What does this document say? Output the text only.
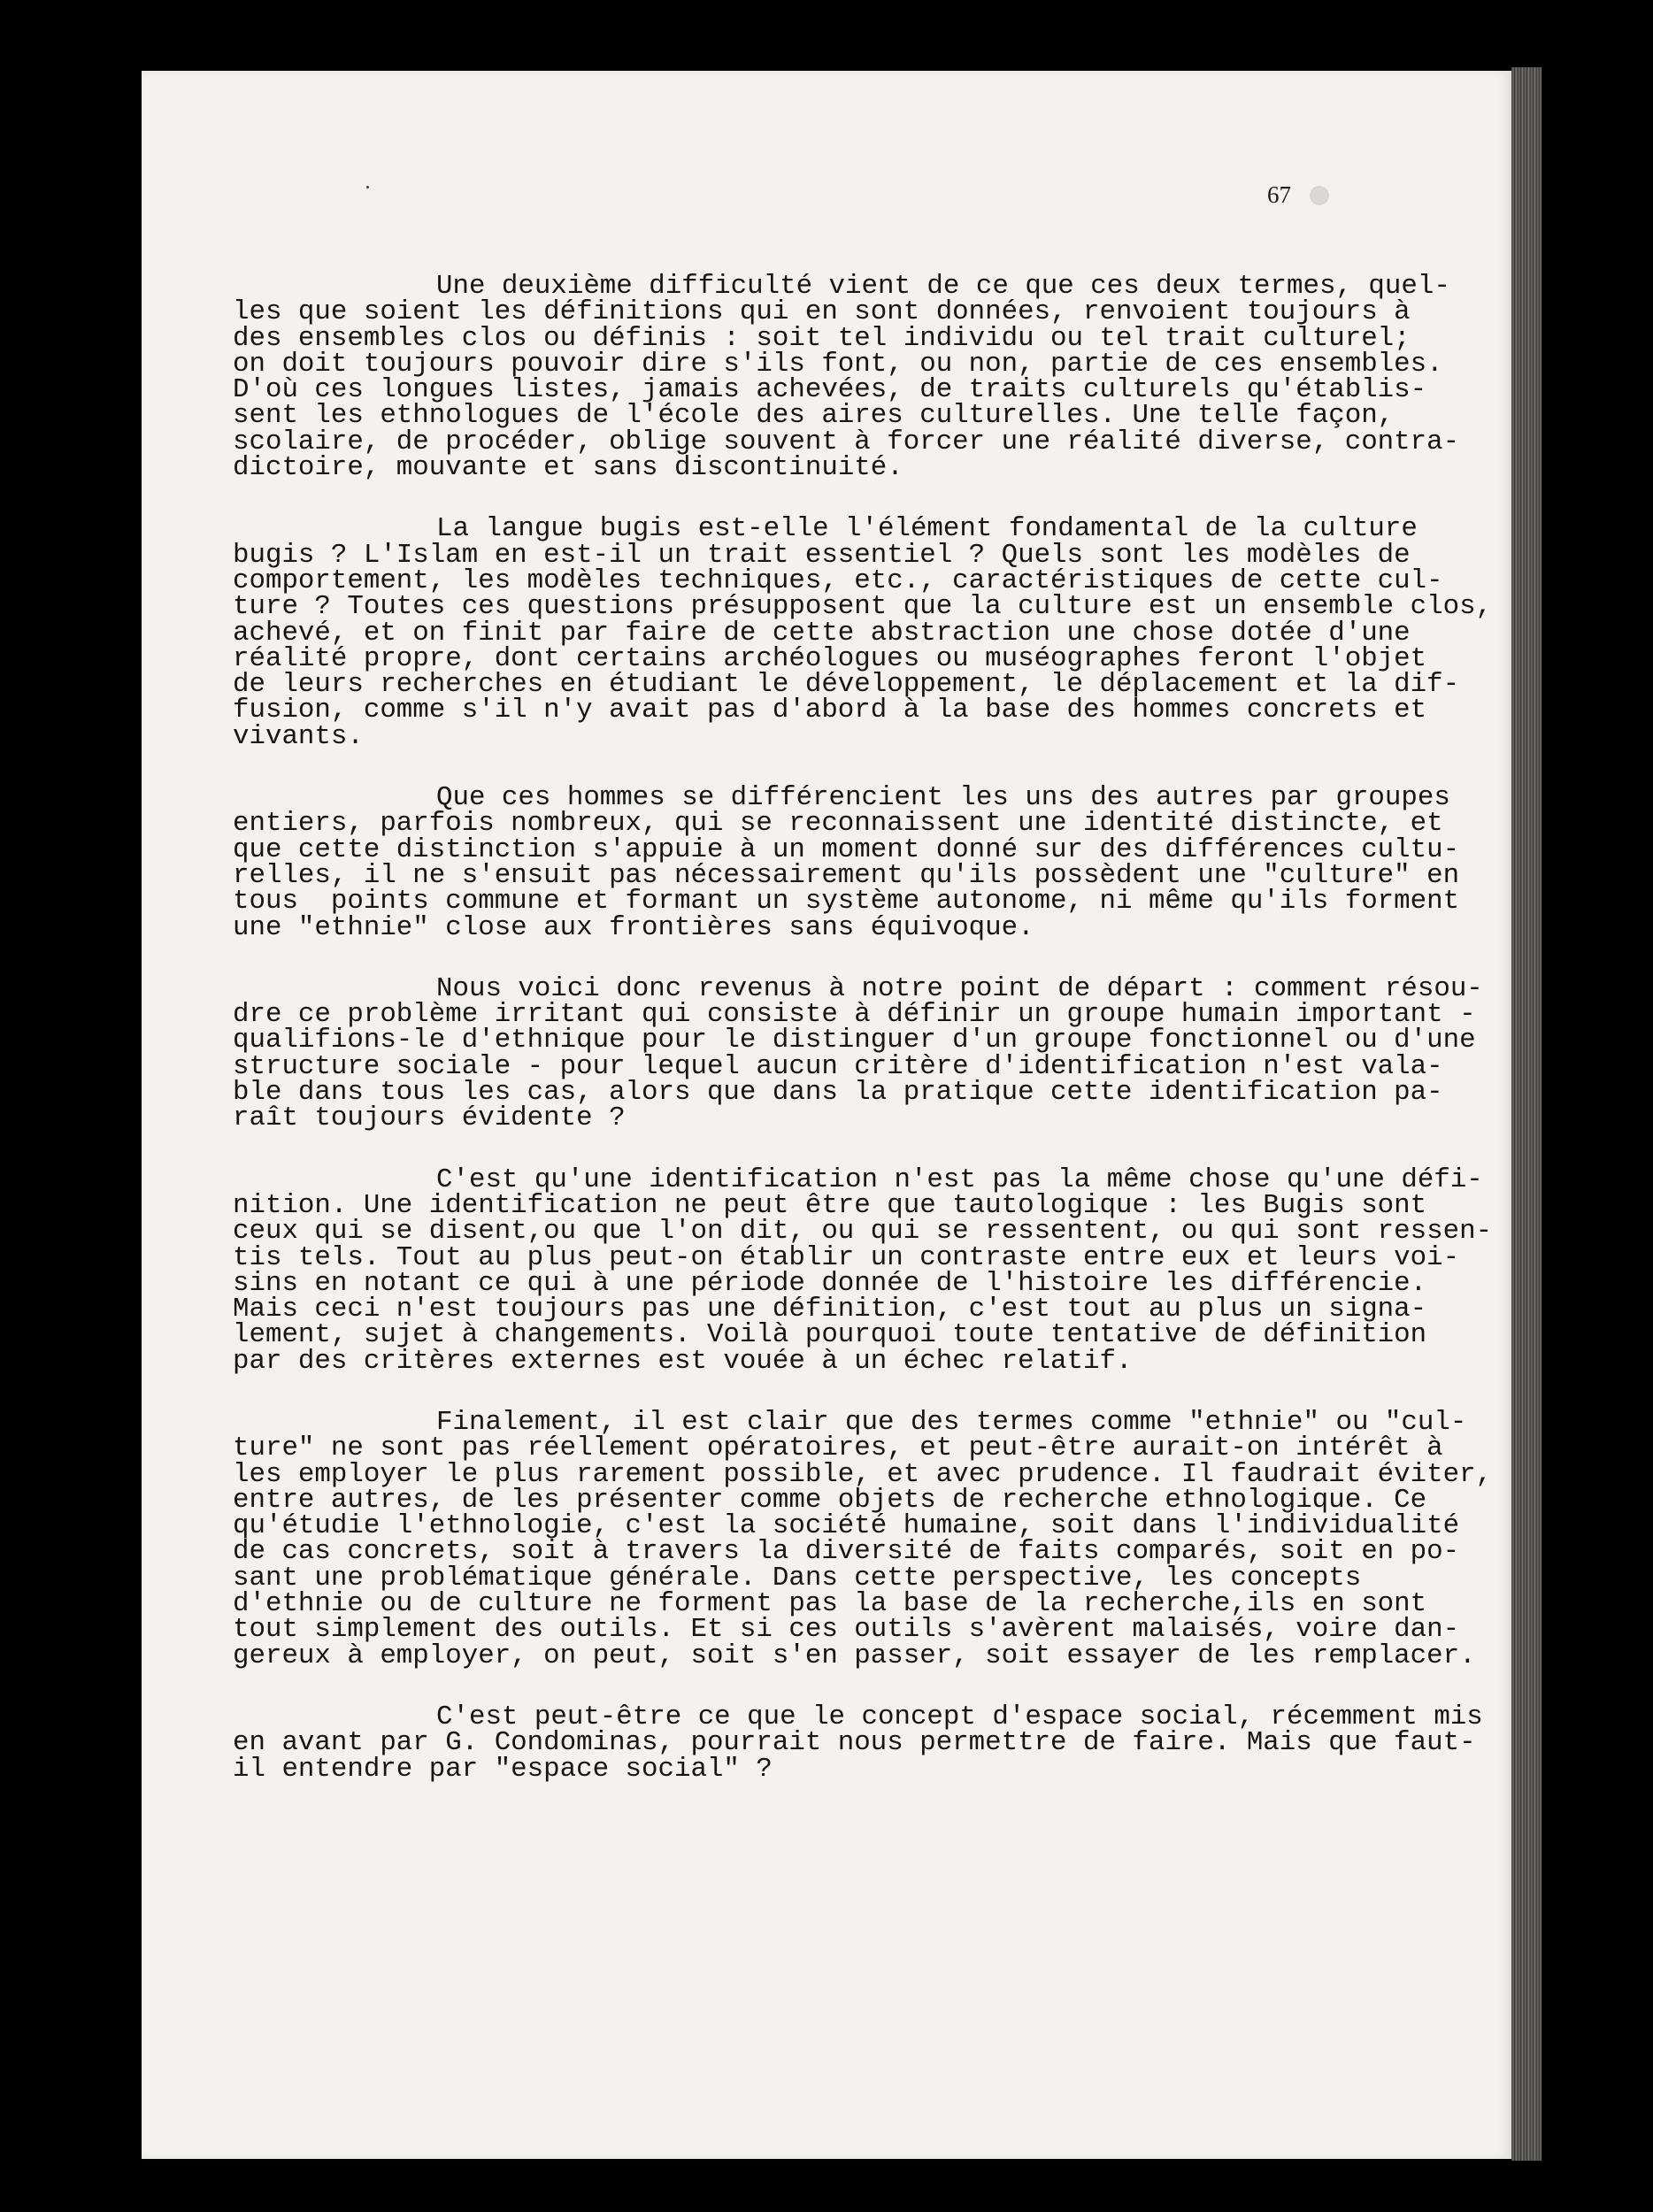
67
Une deuxième difficulté vient de ce que ces deux termes, quel-
les que soient les définitions qui en sont données, renvoient toujours à
des ensembles clos ou définis : soit tel individu ou tel trait culturel;
on doit toujours pouvoir dire s'ils font, ou non, partie de ces ensembles.
D'où ces longues listes, jamais achevées, de traits culturels qu'établis-
sent les ethnologues de l'école des aires culturelles. Une telle façon,
scolaire, de procéder, oblige souvent à forcer une réalité diverse, contra-
dictoire, mouvante et sans discontinuité.
La langue bugis est-elle l'élément fondamental de la culture
bugis ? L'Islam en est-il un trait essentiel ? Quels sont les modèles de
comportement, les modèles techniques, etc., caractéristiques de cette cul-
ture ? Toutes ces questions présupposent que la culture est un ensemble clos,
achevé, et on finit par faire de cette abstraction une chose dotée d'une
réalité propre, dont certains archéologues ou muséographes feront l'objet
de leurs recherches en étudiant le développement, le déplacement et la dif-
fusion, comme s'il n'y avait pas d'abord à la base des hommes concrets et
vivants.
Que ces hommes se différencient les uns des autres par groupes
entiers, parfois nombreux, qui se reconnaissent une identité distincte, et
que cette distinction s'appuie à un moment donné sur des différences cultu-
relles, il ne s'ensuit pas nécessairement qu'ils possèdent une "culture" en
tous  points commune et formant un système autonome, ni même qu'ils forment
une "ethnie" close aux frontières sans équivoque.
Nous voici donc revenus à notre point de départ : comment résou-
dre ce problème irritant qui consiste à définir un groupe humain important -
qualifions-le d'ethnique pour le distinguer d'un groupe fonctionnel ou d'une
structure sociale - pour lequel aucun critère d'identification n'est vala-
ble dans tous les cas, alors que dans la pratique cette identification pa-
raît toujours évidente ?
C'est qu'une identification n'est pas la même chose qu'une défi-
nition. Une identification ne peut être que tautologique : les Bugis sont
ceux qui se disent,ou que l'on dit, ou qui se ressentent, ou qui sont ressen-
tis tels. Tout au plus peut-on établir un contraste entre eux et leurs voi-
sins en notant ce qui à une période donnée de l'histoire les différencie.
Mais ceci n'est toujours pas une définition, c'est tout au plus un signa-
lement, sujet à changements. Voilà pourquoi toute tentative de définition
par des critères externes est vouée à un échec relatif.
Finalement, il est clair que des termes comme "ethnie" ou "cul-
ture" ne sont pas réellement opératoires, et peut-être aurait-on intérêt à
les employer le plus rarement possible, et avec prudence. Il faudrait éviter,
entre autres, de les présenter comme objets de recherche ethnologique. Ce
qu'étudie l'ethnologie, c'est la société humaine, soit dans l'individualité
de cas concrets, soit à travers la diversité de faits comparés, soit en po-
sant une problématique générale. Dans cette perspective, les concepts
d'ethnie ou de culture ne forment pas la base de la recherche,ils en sont
tout simplement des outils. Et si ces outils s'avèrent malaisés, voire dan-
gereux à employer, on peut, soit s'en passer, soit essayer de les remplacer.
C'est peut-être ce que le concept d'espace social, récemment mis
en avant par G. Condominas, pourrait nous permettre de faire. Mais que faut-
il entendre par "espace social" ?
